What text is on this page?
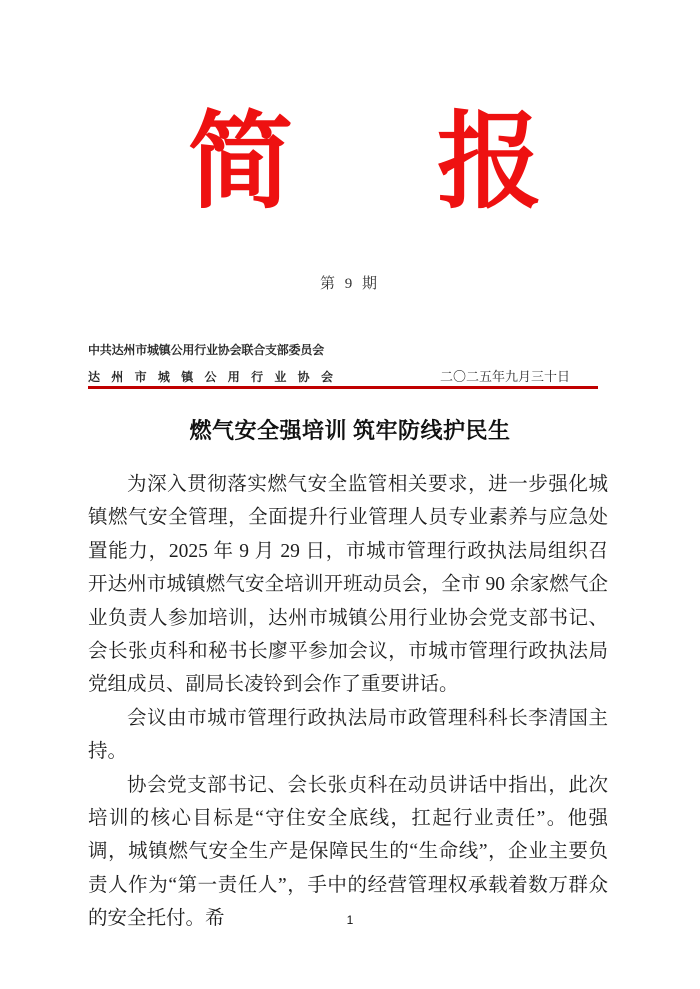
简 报
第 9 期
中共达州市城镇公用行业协会联合支部委员会
达州市城镇公用行业协会	二〇二五年九月三十日
燃气安全强培训 筑牢防线护民生

为深入贯彻落实燃气安全监管相关要求，进一步强化城镇燃气安全管理，全面提升行业管理人员专业素养与应急处置能力，2025 年 9 月 29 日，市城市管理行政执法局组织召开达州市城镇燃气安全培训开班动员会，全市 90 余家燃气企业负责人参加培训，达州市城镇公用行业协会党支部书记、会长张贞科和秘书长廖平参加会议，市城市管理行政执法局党组成员、副局长凌铃到会作了重要讲话。

会议由市城市管理行政执法局市政管理科科长李清国主持。

协会党支部书记、会长张贞科在动员讲话中指出，此次培训的核心目标是“守住安全底线，扛起行业责任”。他强调，城镇燃气安全生产是保障民生的“生命线”，企业主要负责人作为“第一责任人”，手中的经营管理权承载着数万群众的安全托付。希	1
